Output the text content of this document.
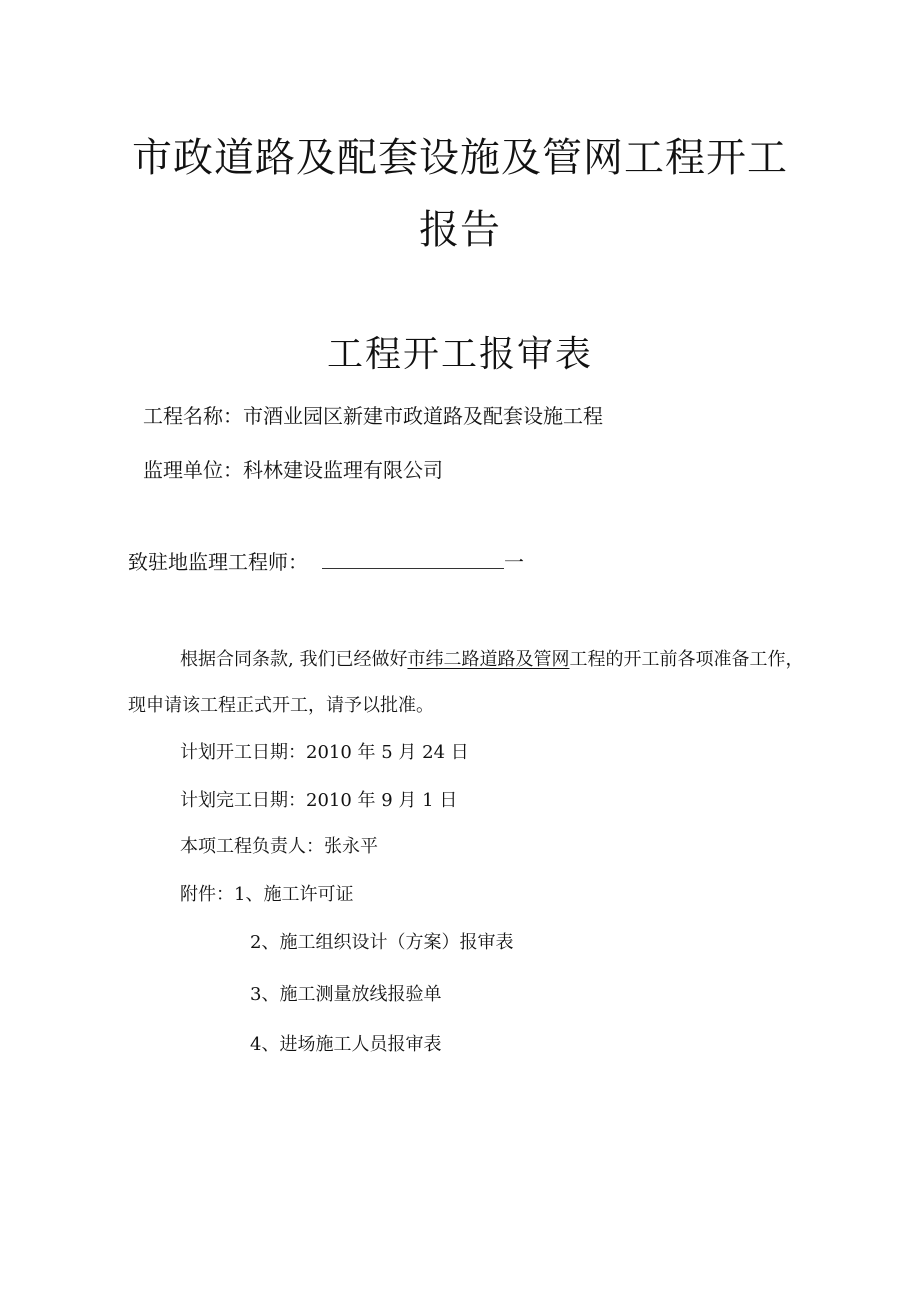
市政道路及配套设施及管网工程开工
报告
工程开工报审表
工程名称：市酒业园区新建市政道路及配套设施工程
监理单位：科林建设监理有限公司
致驻地监理工程师：	一
根据合同条款, 我们已经做好市纬二路道路及管网工程的开工前各项准备工作，
现申请该工程正式开工，请予以批准。
计划开工日期：2010 年 5 月 24 日
计划完工日期：2010 年 9 月 1 日
本项工程负责人：张永平
附件：1、施工许可证
2、施工组织设计（方案）报审表
3、施工测量放线报验单
4、进场施工人员报审表
